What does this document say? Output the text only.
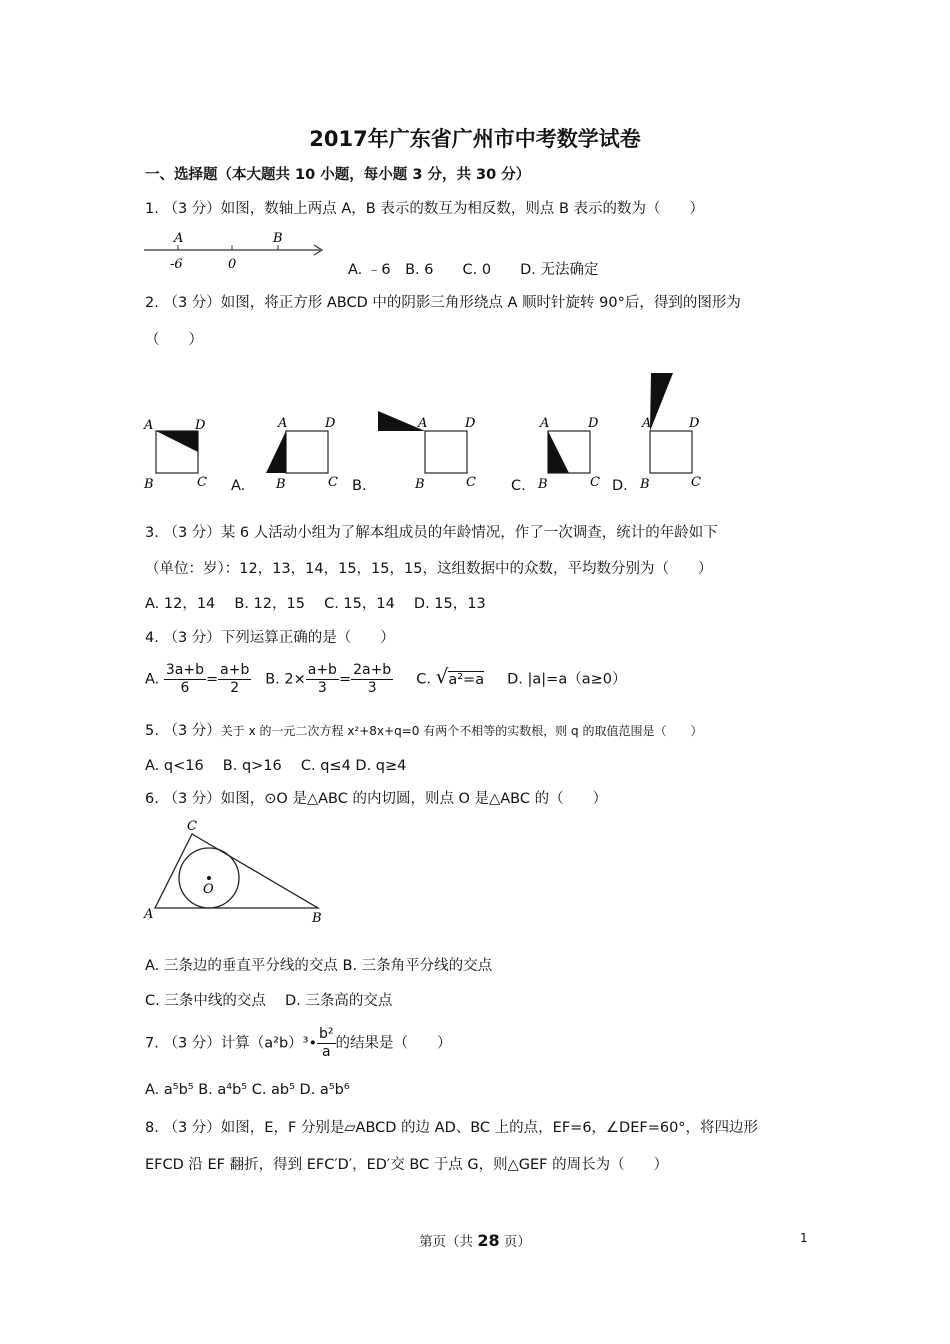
2017年广东省广州市中考数学试卷
一、选择题（本大题共 10 小题，每小题 3 分，共 30 分）
1. （3 分）如图，数轴上两点 A，B 表示的数互为相反数，则点 B 表示的数为（　　）
A	B
-6	0	A. ﹣6　B. 6　　C. 0　　D. 无法确定
2. （3 分）如图，将正方形 ABCD 中的阴影三角形绕点 A 顺时针旋转 90°后，得到的图形为
（　　）
A	D
B	C
A	D
B	C
A	D
B	C
A	D
B	C
A	D
B	C
A.	B.	C.	D.
3. （3 分）某 6 人活动小组为了解本组成员的年龄情况，作了一次调查，统计的年龄如下
（单位：岁）：12，13，14，15，15，15，这组数据中的众数，平均数分别为（　　）
A. 12，14　 B. 12，15　 C. 15，14　 D. 15，13
4. （3 分）下列运算正确的是（　　）
A. $\frac{3a+b}{6} = \frac{a+b}{2} B$. $2\times \frac{a+b}{3} = \frac{2a+b}{3} C$. √a²=a D. |a|=a（a≥0）
5. （3 分）关于 x 的一元二次方程 x²+8x+q=0 有两个不相等的实数根，则 q 的取值范围是（　　）
A. q<16　 B. q>16　 C. q≤4 D. q≥4
6. （3 分）如图，⊙O 是△ABC 的内切圆，则点 O 是△ABC 的（　　）
C
O
A	B
A. 三条边的垂直平分线的交点 B. 三条角平分线的交点
C. 三条中线的交点　 D. 三条高的交点
7. （3 分）计算（a²b）³• $\frac{\text{b²}}{a}$ 的结果是（　　）
A. a⁵b⁵ B. a⁴b⁵ C. ab⁵ D. a⁵b⁶
8. （3 分）如图，E，F 分别是▱ABCD 的边 AD、BC 上的点，EF=6，∠DEF=60°，将四边形
EFCD 沿 EF 翻折，得到 EFC′D′，ED′交 BC 于点 G，则△GEF 的周长为（　　）
第页（共 28 页）	1
